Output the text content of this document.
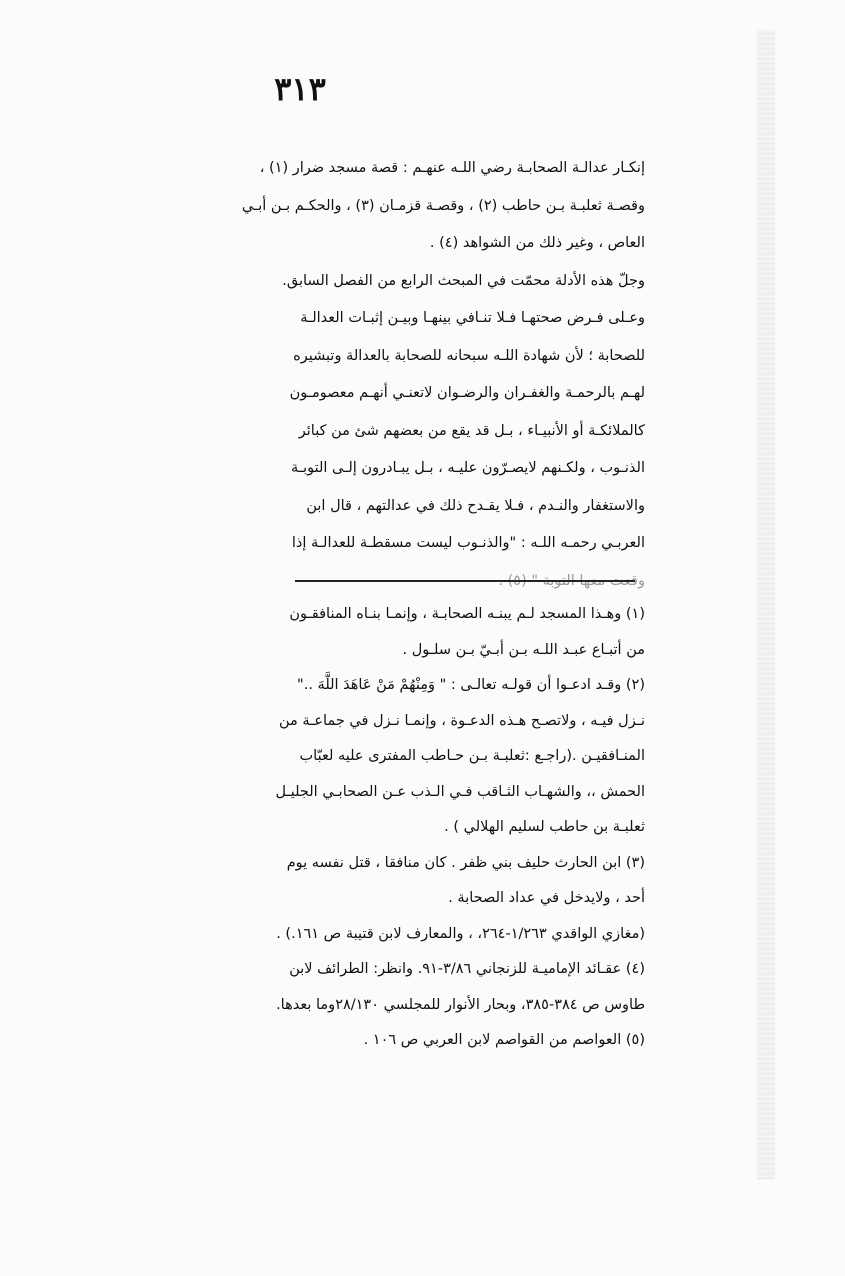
٣١٣
إنكـار عدالـة الصحابـة رضي اللـه عنهـم : قصة مسجد ضرار (١) ،
وقصـة ثعلبـة بـن حاطب (٢) ، وقصـة قزمـان (٣) ، والحكـم بـن أبـي
العاص ، وغير ذلك من الشواهد (٤) .
وجلّ هذه الأدلة محمّت في المبحث الرابع من الفصل السابق.
وعـلى فـرض صحتهـا فـلا تنـافي بينهـا وبيـن إثبـات العدالـة
للصحابة ؛ لأن شهادة اللـه سبحانه للصحابة بالعدالة وتبشيره
لهـم بالرحمـة والغفـران والرضـوان لاتعنـي أنهـم معصومـون
كالملائكـة أو الأنبيـاء ، بـل قد يقع من بعضهم شئ من كبائر
الذنـوب ، ولكـنهم لايصـرّون عليـه ، بـل يبـادرون إلـى التوبـة
والاستغفار والنـدم ، فـلا يقـدح ذلك في عدالتهم ، قال ابن
العربـي رحمـه اللـه : "والذنـوب ليست مسقطـة للعدالـة إذا
وقعت معها التوبة " (٥) .
(١) وهـذا المسجد لـم يبنـه الصحابـة ، وإنمـا بنـاه المنافقـون
من أتبـاع عبـد اللـه بـن أبـيّ بـن سلـول .
(٢) وقـد ادعـوا أن قولـه تعالـى : " وَمِنْهُمْ مَنْ عَاهَدَ اللَّهَ .."
نـزل فيـه ، ولاتصـح هـذه الدعـوة ، وإنمـا نـزل في جماعـة من
المنـافقيـن .(راجـع :ثعلبـة بـن حـاطب المفترى عليه لعبّاب
الحمش ،، والشهـاب الثـاقب فـي الـذب عـن الصحابـي الجليـل
ثعلبـة بن حاطب لسليم الهلالي ) .
(٣) ابن الحارث حليف بني ظفر . كان منافقا ، قتل نفسه يوم
أحد ، ولايدخل في عداد الصحابة .
(مغازي الواقدي ١/٢٦٣-٢٦٤، ، والمعارف لابن قتيبة ص ١٦١.) .
(٤) عقـائد الإماميـة للزنجاني ٣/٨٦-٩١. وانظر: الطرائف لابن
طاوس ص ٣٨٤-٣٨٥، وبحار الأنوار للمجلسي ٢٨/١٣٠وما بعدها.
(٥) العواصم من القواصم لابن العربي ص ١٠٦ .
